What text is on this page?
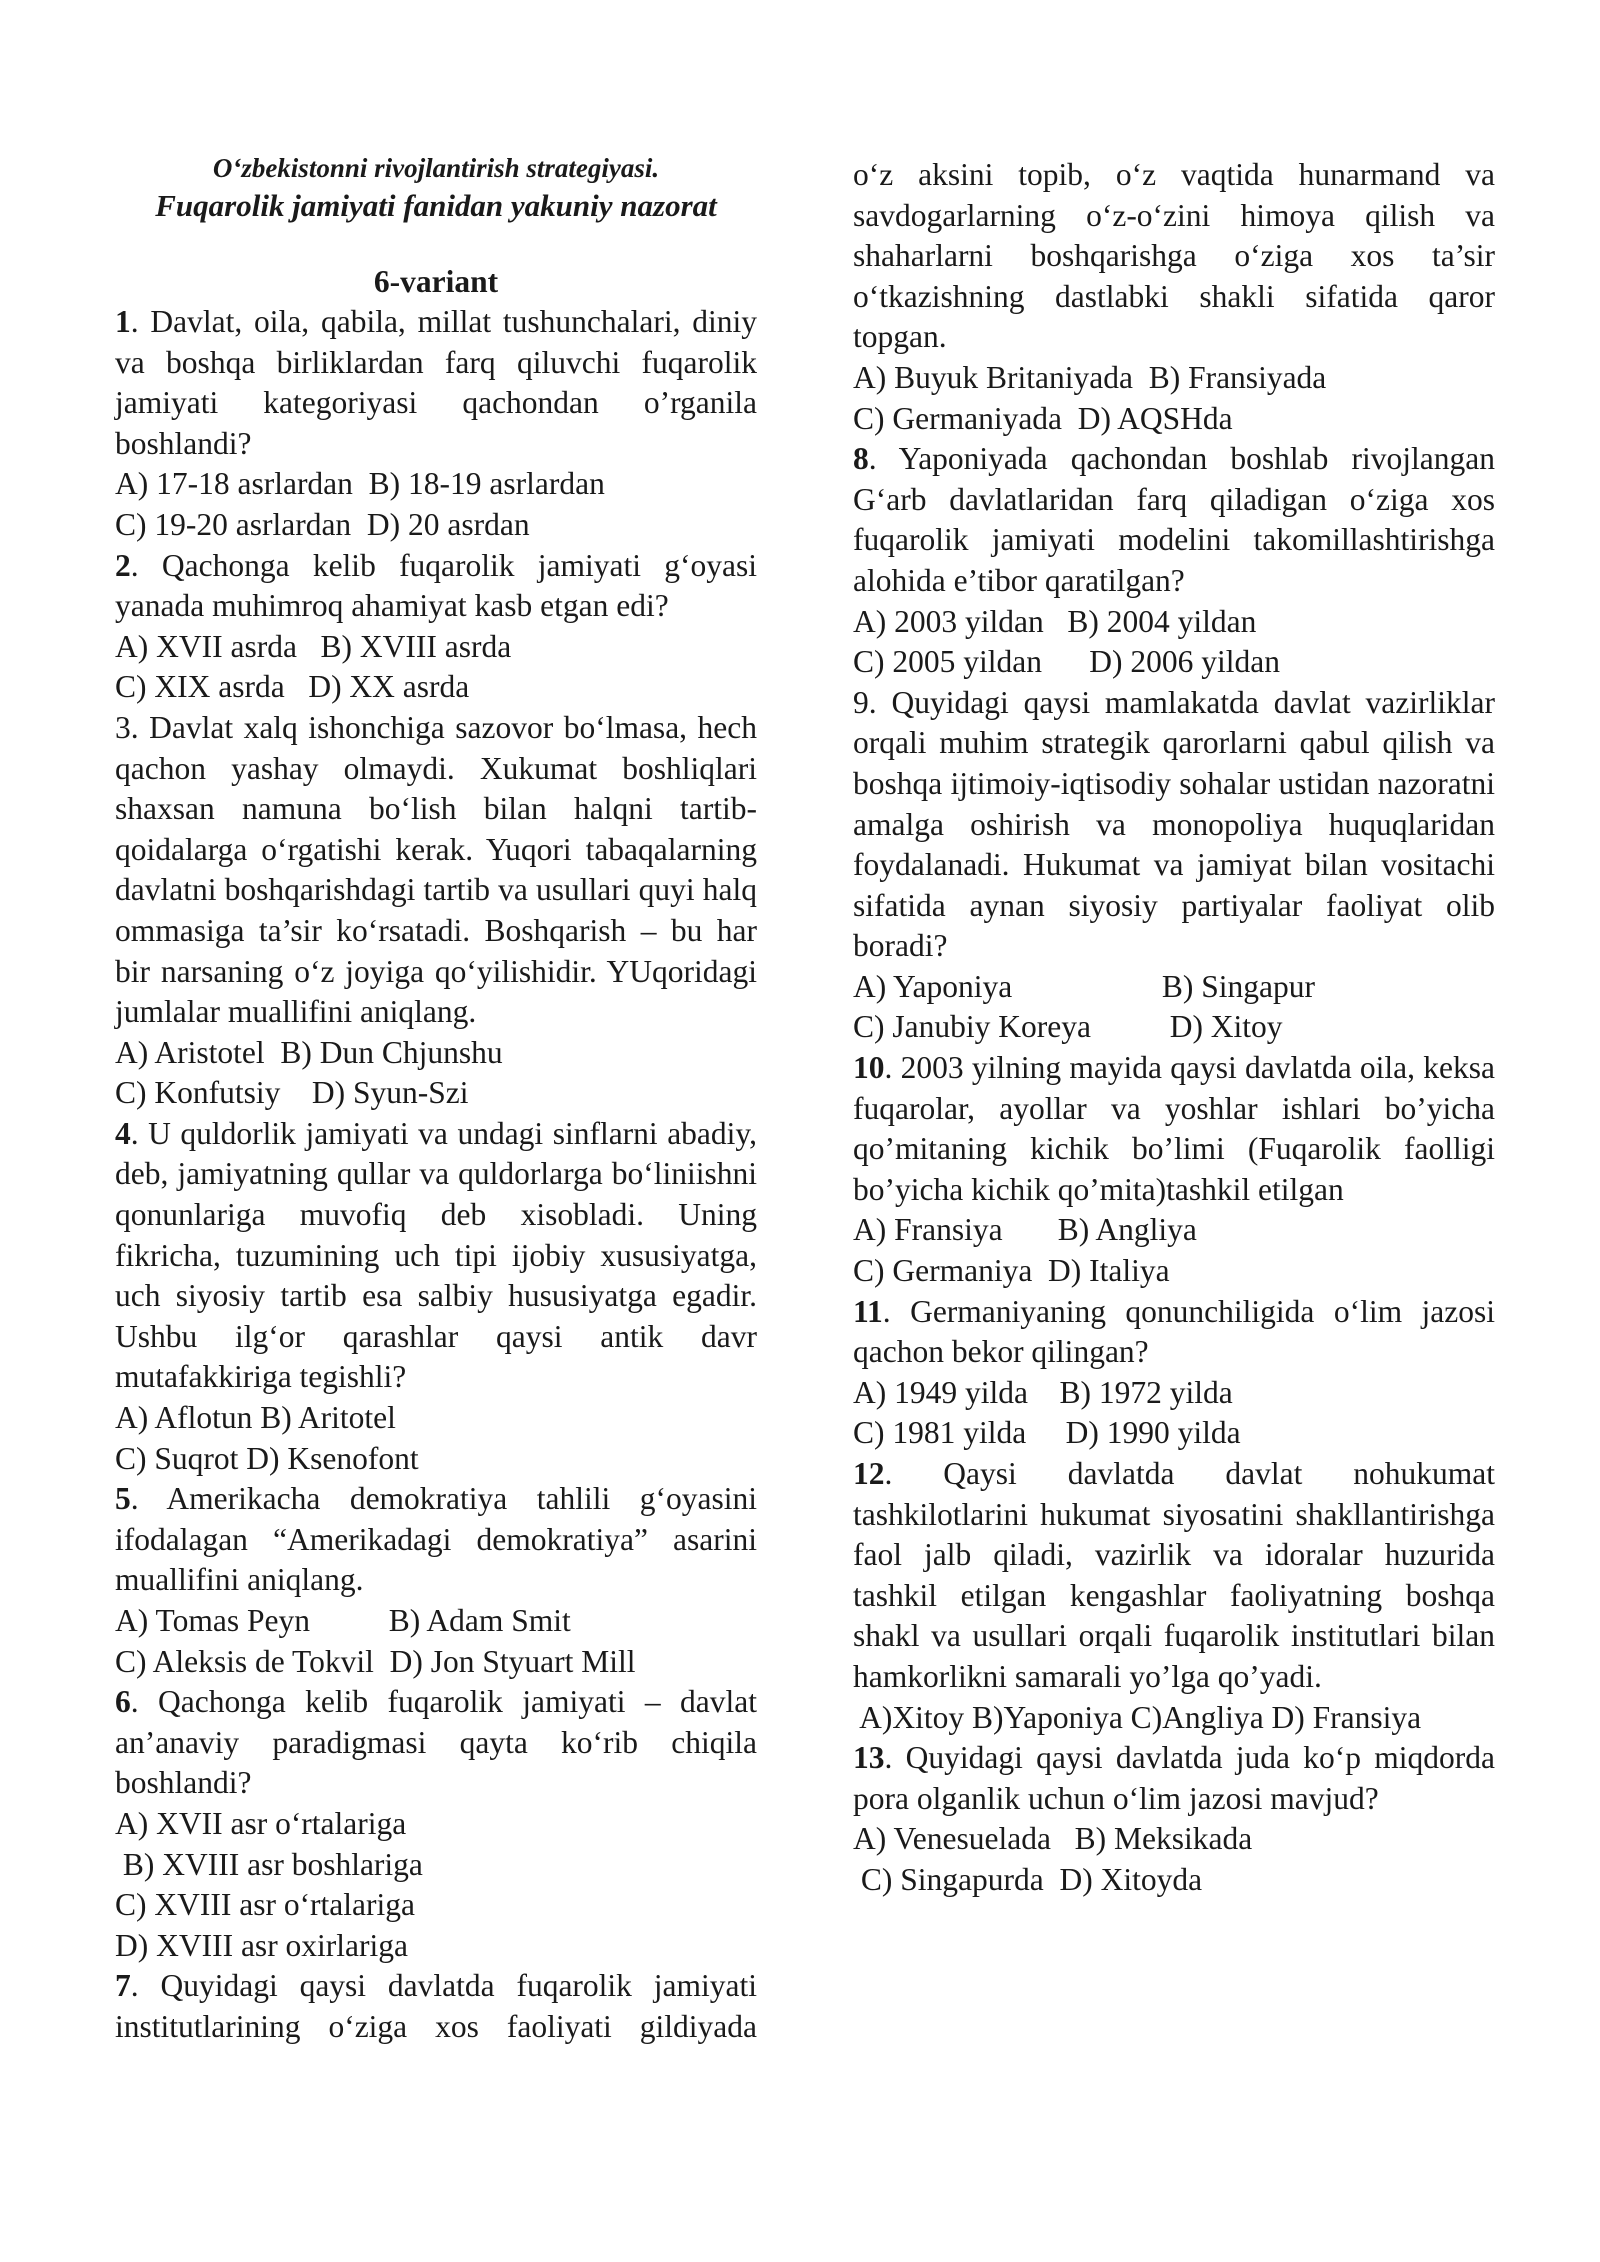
O‘zbekistonni rivojlantirish strategiyasi.

Fuqarolik jamiyati fanidan yakuniy nazorat

6-variant

1. Davlat, oila, qabila, millat tushunchalari, diniy va boshqa birliklardan farq qiluvchi fuqarolik jamiyati kategoriyasi qachondan o’rganila boshlandi?

A) 17-18 asrlardan  B) 18-19 asrlardan

C) 19-20 asrlardan  D) 20 asrdan

2. Qachonga kelib fuqarolik jamiyati g‘oyasi yanada muhimroq ahamiyat kasb etgan edi?

A) XVII asrda   B) XVIII asrda

C) XIX asrda   D) XX asrda

3. Davlat xalq ishonchiga sazovor bo‘lmasa, hech qachon yashay olmaydi. Xukumat boshliqlari shaxsan namuna bo‘lish bilan halqni tartib-qoidalarga o‘rgatishi kerak. Yuqori tabaqalarning davlatni boshqarishdagi tartib va usullari quyi halq ommasiga ta’sir ko‘rsatadi. Boshqarish – bu har bir narsaning o‘z joyiga qo‘yilishidir. YUqoridagi jumlalar muallifini aniqlang.

A) Aristotel  B) Dun Chjunshu

C) Konfutsiy    D) Syun-Szi

4. U quldorlik jamiyati va undagi sinflarni abadiy, deb, jamiyatning qullar va quldorlarga bo‘liniishni qonunlariga muvofiq deb xisobladi. Uning fikricha, tuzumining uch tipi ijobiy xususiyatga, uch siyosiy tartib esa salbiy hususiyatga egadir. Ushbu ilg‘or qarashlar qaysi antik davr mutafakkiriga tegishli?

A) Aflotun B) Aritotel

C) Suqrot D) Ksenofont

5. Amerikacha demokratiya tahlili g‘oyasini ifodalagan “Amerikadagi demokratiya” asarini muallifini aniqlang.

A) Tomas Peyn          B) Adam Smit

C) Aleksis de Tokvil  D) Jon Styuart Mill

6. Qachonga kelib fuqarolik jamiyati – davlat an’anaviy paradigmasi qayta ko‘rib chiqila boshlandi?

A) XVII asr o‘rtalariga

B) XVIII asr boshlariga

C) XVIII asr o‘rtalariga

D) XVIII asr oxirlariga

7. Quyidagi qaysi davlatda fuqarolik jamiyati institutlarining o‘ziga xos faoliyati gildiyada

o‘z aksini topib, o‘z vaqtida hunarmand va savdogarlarning o‘z-o‘zini himoya qilish va shaharlarni boshqarishga o‘ziga xos ta’sir o‘tkazishning dastlabki shakli sifatida qaror topgan.

A) Buyuk Britaniyada  B) Fransiyada

C) Germaniyada  D) AQSHda

8. Yaponiyada qachondan boshlab rivojlangan G‘arb davlatlaridan farq qiladigan o‘ziga xos fuqarolik jamiyati modelini takomillashtirishga alohida e’tibor qaratilgan?

A) 2003 yildan   B) 2004 yildan

C) 2005 yildan      D) 2006 yildan

9. Quyidagi qaysi mamlakatda davlat vazirliklar orqali muhim strategik qarorlarni qabul qilish va boshqa ijtimoiy-iqtisodiy sohalar ustidan nazoratni amalga oshirish va monopoliya huquqlaridan foydalanadi. Hukumat va jamiyat bilan vositachi sifatida aynan siyosiy partiyalar faoliyat olib boradi?

A) Yaponiya                   B) Singapur

C) Janubiy Koreya          D) Xitoy

10. 2003 yilning mayida qaysi davlatda oila, keksa fuqarolar, ayollar va yoshlar ishlari bo’yicha qo’mitaning kichik bo’limi (Fuqarolik faolligi bo’yicha kichik qo’mita)tashkil etilgan

A) Fransiya       B) Angliya

C) Germaniya  D) Italiya

11. Germaniyaning qonunchiligida o‘lim jazosi qachon bekor qilingan?

A) 1949 yilda    B) 1972 yilda

C) 1981 yilda     D) 1990 yilda

12. Qaysi davlatda davlat nohukumat tashkilotlarini hukumat siyosatini shakllantirishga faol jalb qiladi, vazirlik va idoralar huzurida tashkil etilgan kengashlar faoliyatning boshqa shakl va usullari orqali fuqarolik institutlari bilan hamkorlikni samarali yo’lga qo’yadi.

A)Xitoy B)Yaponiya C)Angliya D) Fransiya

13. Quyidagi qaysi davlatda juda ko‘p miqdorda pora olganlik uchun o‘lim jazosi mavjud?

A) Venesuelada   B) Meksikada

C) Singapurda  D) Xitoyda
